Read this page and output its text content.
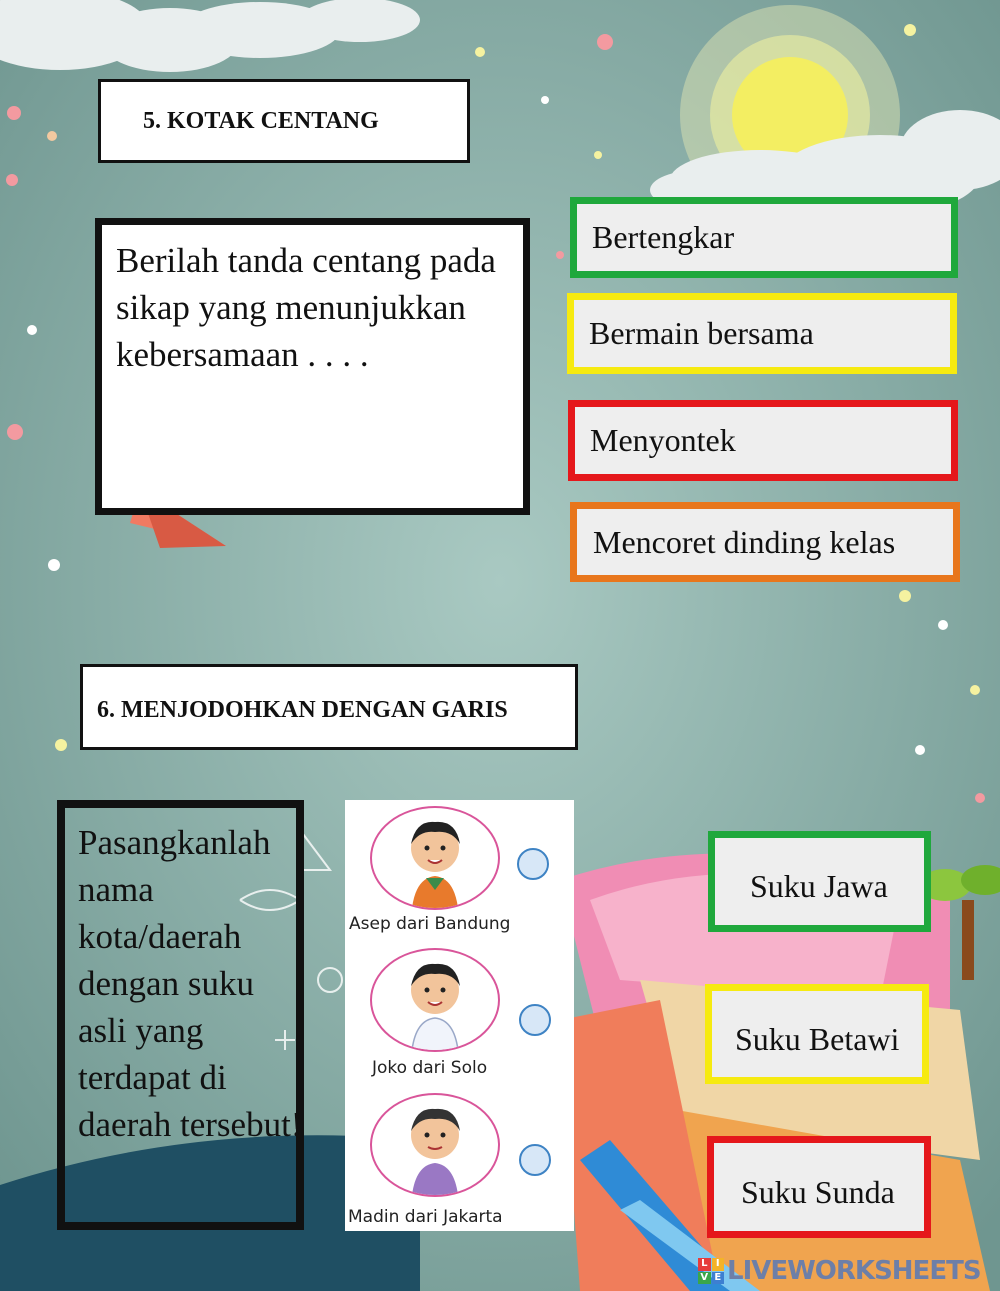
5. KOTAK CENTANG
Berilah tanda centang pada sikap yang menunjukkan kebersamaan . . . .
Bertengkar
Bermain bersama
Menyontek
Mencoret dinding kelas
6. MENJODOHKAN DENGAN GARIS
Pasangkanlah nama kota/daerah dengan suku asli yang terdapat di daerah tersebut!
Asep dari Bandung
Joko dari Solo
Madin dari Jakarta
Suku Jawa
Suku Betawi
Suku Sunda
L I
V E LIVEWORKSHEETS
